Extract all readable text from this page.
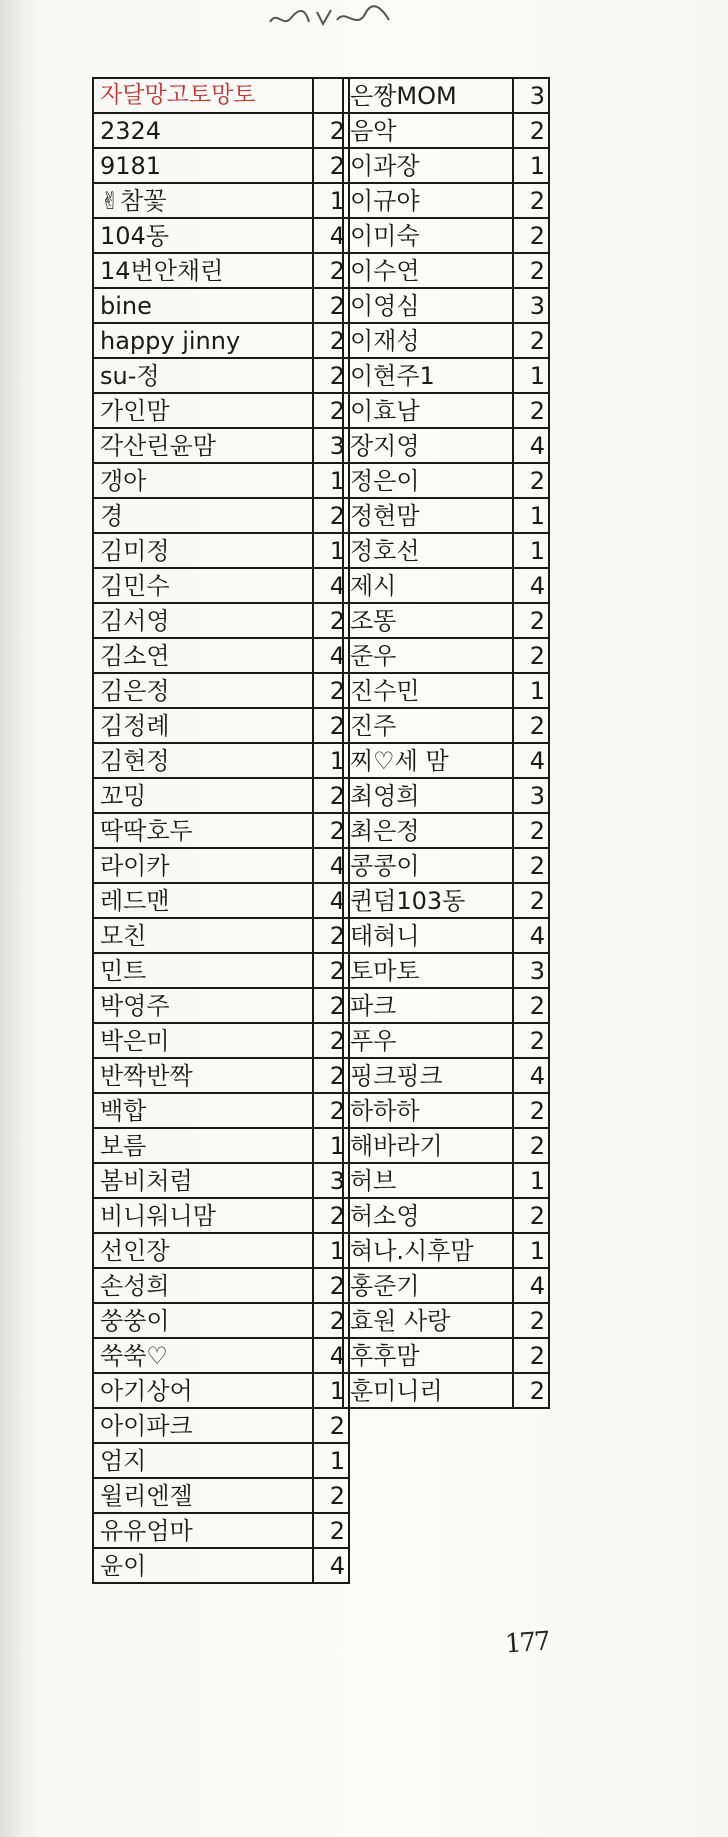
자달망고토망토	
2324	2
9181	2
✌참꽃	1
104동	4
14번안채린	2
bine	2
happy jinny	2
su-정	2
가인맘	2
각산린윤맘	3
갱아	1
경	2
김미정	1
김민수	4
김서영	2
김소연	4
김은정	2
김정례	2
김현정	1
꼬밍	2
딱딱호두	2
라이카	4
레드맨	4
모친	2
민트	2
박영주	2
박은미	2
반짝반짝	2
백합	2
보름	1
봄비처럼	3
비니워니맘	2
선인장	1
손성희	2
쑹쑹이	2
쑥쑥♡	4
아기상어	1
아이파크	2
엄지	1
윌리엔젤	2
유유엄마	2
윤이	4
은짱MOM	3
음악	2
이과장	1
이규야	2
이미숙	2
이수연	2
이영심	3
이재성	2
이현주1	1
이효남	2
장지영	4
정은이	2
정현맘	1
정호선	1
제시	4
조똥	2
준우	2
진수민	1
진주	2
찌♡세 맘	4
최영희	3
최은정	2
콩콩이	2
퀸덤103동	2
태혀니	4
토마토	3
파크	2
푸우	2
핑크핑크	4
하하하	2
해바라기	2
허브	1
허소영	2
혀나.시후맘	1
홍준기	4
효원 사랑	2
후후맘	2
훈미니리	2
177
